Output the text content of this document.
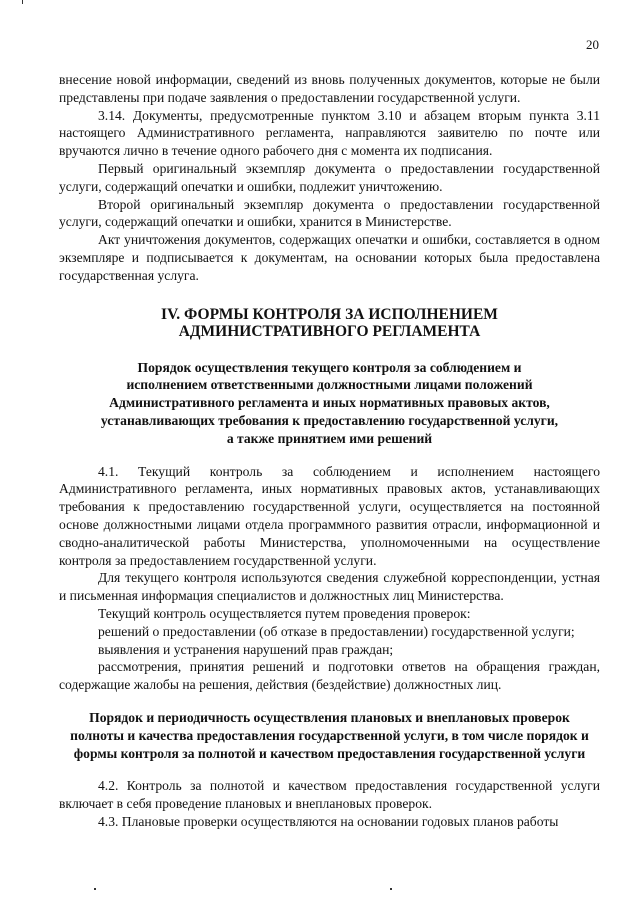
20

внесение новой информации, сведений из вновь полученных документов, которые не были представлены при подаче заявления о предоставлении государственной услуги.

3.14. Документы, предусмотренные пунктом 3.10 и абзацем вторым пункта 3.11 настоящего Административного регламента, направляются заявителю по почте или вручаются лично в течение одного рабочего дня с момента их подписания.

Первый оригинальный экземпляр документа о предоставлении государственной услуги, содержащий опечатки и ошибки, подлежит уничтожению.

Второй оригинальный экземпляр документа о предоставлении государственной услуги, содержащий опечатки и ошибки, хранится в Министерстве.

Акт уничтожения документов, содержащих опечатки и ошибки, составляется в одном экземпляре и подписывается к документам, на основании которых была предоставлена государственная услуга.

IV. ФОРМЫ КОНТРОЛЯ ЗА ИСПОЛНЕНИЕМ АДМИНИСТРАТИВНОГО РЕГЛАМЕНТА
Порядок осуществления текущего контроля за соблюдением и исполнением ответственными должностными лицами положений Административного регламента и иных нормативных правовых актов, устанавливающих требования к предоставлению государственной услуги, а также принятием ими решений

4.1. Текущий контроль за соблюдением и исполнением настоящего Административного регламента, иных нормативных правовых актов, устанавливающих требования к предоставлению государственной услуги, осуществляется на постоянной основе должностными лицами отдела программного развития отрасли, информационной и сводно-аналитической работы Министерства, уполномоченными на осуществление контроля за предоставлением государственной услуги.

Для текущего контроля используются сведения служебной корреспонденции, устная и письменная информация специалистов и должностных лиц Министерства.

Текущий контроль осуществляется путем проведения проверок:

решений о предоставлении (об отказе в предоставлении) государственной услуги;

выявления и устранения нарушений прав граждан;

рассмотрения, принятия решений и подготовки ответов на обращения граждан, содержащие жалобы на решения, действия (бездействие) должностных лиц.

Порядок и периодичность осуществления плановых и внеплановых проверок полноты и качества предоставления государственной услуги, в том числе порядок и формы контроля за полнотой и качеством предоставления государственной услуги

4.2. Контроль за полнотой и качеством предоставления государственной услуги включает в себя проведение плановых и внеплановых проверок.

4.3. Плановые проверки осуществляются на основании годовых планов работы
